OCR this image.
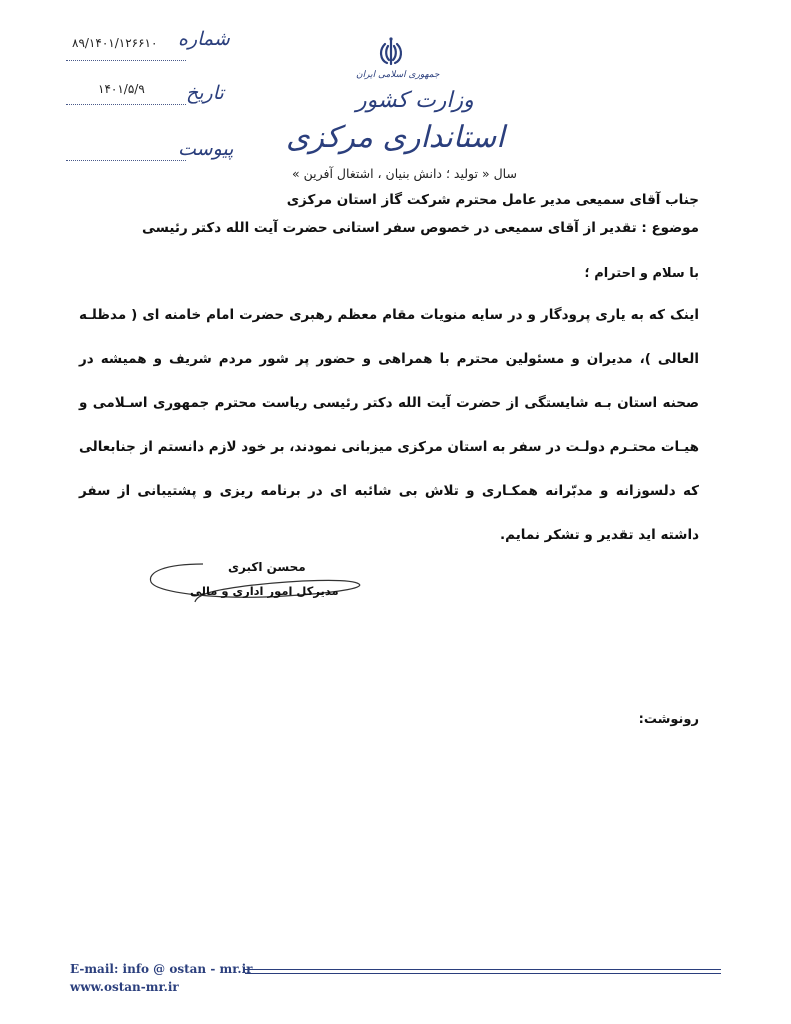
۸۹/۱۴۰۱/۱۲۶۶۱۰ شماره
۱۴۰۱/۵/۹ تاریخ
پیوست
جمهوری اسلامی ایران
وزارت کشور
استانداری مرکزی
سال « تولید ؛ دانش بنیان ، اشتغال آفرین »
جناب آقای سمیعی مدیر عامل محترم شرکت گاز استان مرکزی
موضوع : تقدیر از آقای سمیعی در خصوص سفر استانی حضرت آیت الله دکتر رئیسی
با سلام و احترام ؛
اینک که به یاری پرودگار و در سایه منویات مقام معظم رهبری حضرت امام خامنه ای ( مدظلـه العالی )، مدیران و مسئولین محترم با همراهی و حضور پر شور مردم شریف و همیشه در صحنه استان بـه شایستگی از حضرت آیت الله دکتر رئیسی ریاست محترم جمهوری اسـلامی و هیـات محتـرم دولـت در سفر به استان مرکزی میزبانی نمودند، بر خود لازم دانستم از جنابعالی که دلسوزانه و مدبّرانه همکـاری و تلاش بی شائبه ای در برنامه ریزی و پشتیبانی از سفر داشته اید تقدیر و تشکر نمایم.
محسن اکبری
مدیرکل امور اداری و مالی
رونوشت:
E-mail: info @ ostan - mr.ir
www.ostan-mr.ir
